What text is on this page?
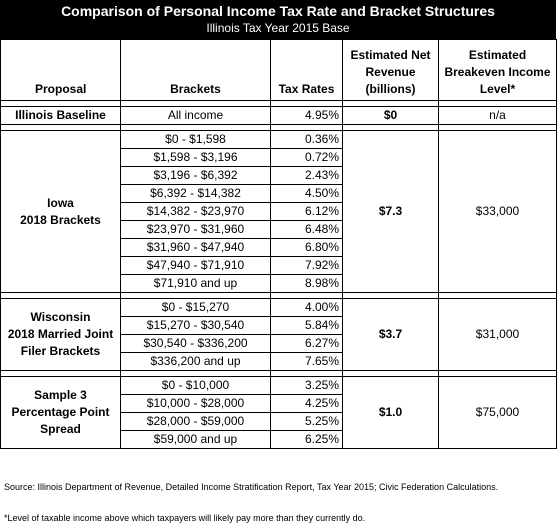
Comparison of Personal Income Tax Rate and Bracket Structures
Illinois Tax Year 2015 Base
Proposal	Brackets	Tax Rates	Estimated Net Revenue (billions)	Estimated Breakeven Income Level*

Illinois Baseline	All income	4.95%	$0	n/a

Iowa
2018 Brackets	$0 - $1,598	0.36%	$7.3	$33,000
	$1,598 - $3,196	0.72%		
	$3,196 - $6,392	2.43%		
	$6,392 - $14,382	4.50%		
	$14,382 - $23,970	6.12%		
	$23,970 - $31,960	6.48%		
	$31,960 - $47,940	6.80%		
	$47,940 - $71,910	7.92%		
	$71,910 and up	8.98%		

Wisconsin
2018 Married Joint
Filer Brackets	$0 - $15,270	4.00%	$3.7	$31,000
	$15,270 - $30,540	5.84%		
	$30,540 - $336,200	6.27%		
	$336,200 and up	7.65%		

Sample 3
Percentage Point
Spread	$0 - $10,000	3.25%	$1.0	$75,000
	$10,000 - $28,000	4.25%		
	$28,000 - $59,000	5.25%		
	$59,000 and up	6.25%		
Source: Illinois Department of Revenue, Detailed Income Stratification Report, Tax Year 2015; Civic Federation Calculations.
*Level of taxable income above which taxpayers will likely pay more than they currently do.
